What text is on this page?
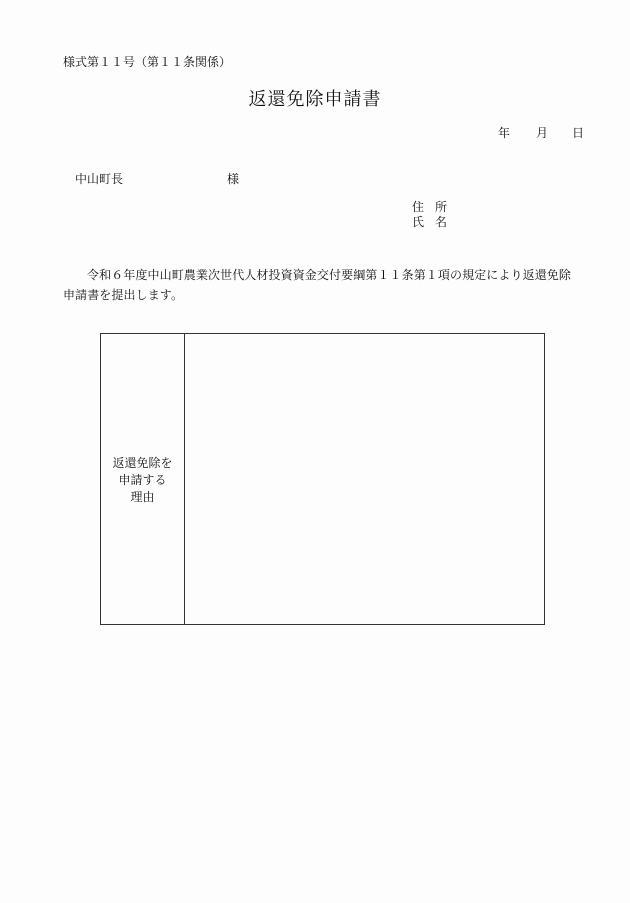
様式第１１号（第１１条関係）
返還免除申請書
年 月 日
中山町長	様
住所
氏名
令和６年度中山町農業次世代人材投資資金交付要綱第１１条第１項の規定により返還免除申請書を提出します。
返還免除を
申請する
理由
